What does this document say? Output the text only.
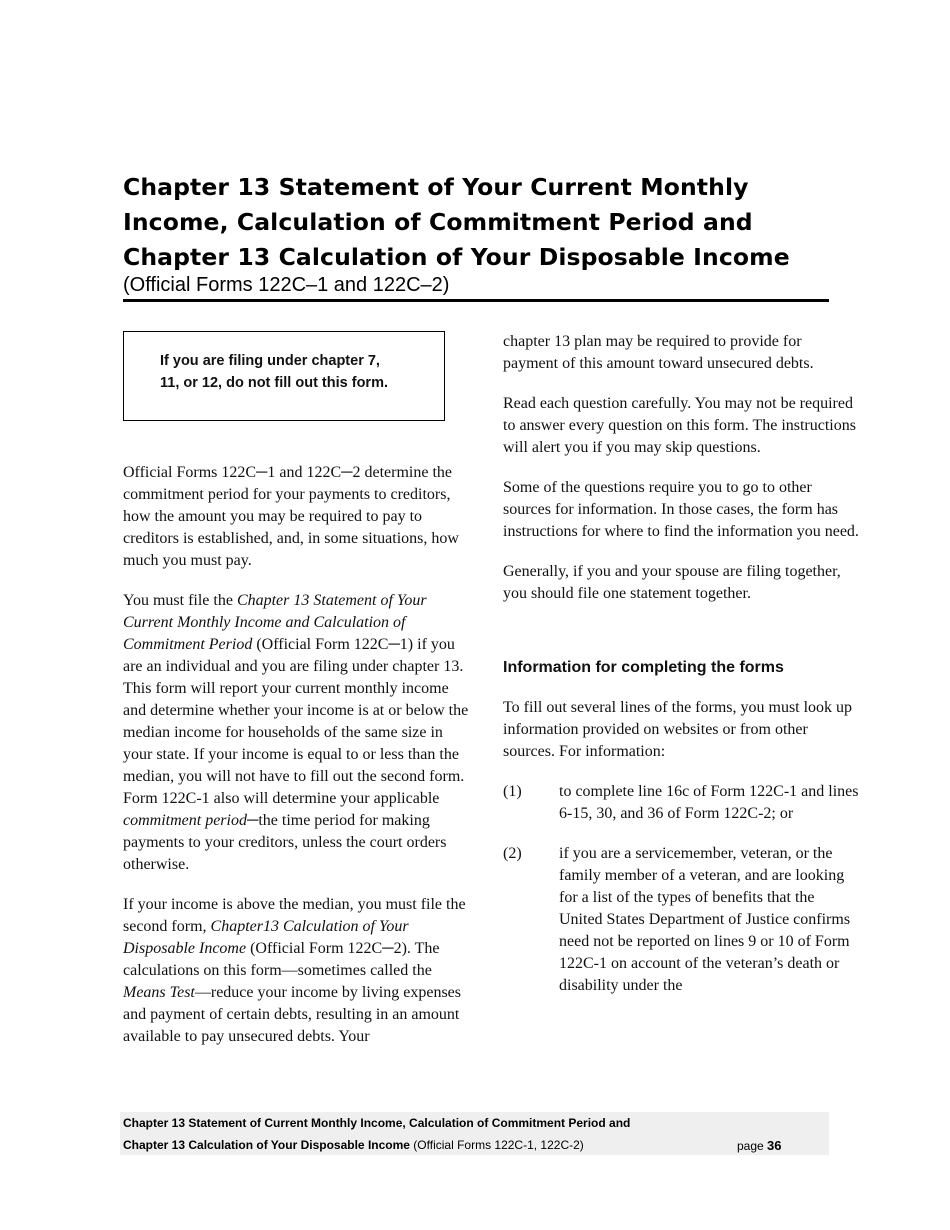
Chapter 13 Statement of Your Current Monthly
Income, Calculation of Commitment Period and
Chapter 13 Calculation of Your Disposable Income

(Official Forms 122C–1 and 122C–2)

If you are filing under chapter 7,
11, or 12, do not fill out this form.

Official Forms 122C─1 and 122C─2 determine the commitment period for your payments to creditors, how the amount you may be required to pay to creditors is established, and, in some situations, how much you must pay.

You must file the Chapter 13 Statement of Your Current Monthly Income and Calculation of Commitment Period (Official Form 122C─1) if you are an individual and you are filing under chapter 13. This form will report your current monthly income and determine whether your income is at or below the median income for households of the same size in your state. If your income is equal to or less than the median, you will not have to fill out the second form. Form 122C-1 also will determine your applicable commitment period─the time period for making payments to your creditors, unless the court orders otherwise.

If your income is above the median, you must file the second form, Chapter13 Calculation of Your Disposable Income (Official Form 122C─2). The calculations on this form—sometimes called the Means Test—reduce your income by living expenses and payment of certain debts, resulting in an amount available to pay unsecured debts. Your

chapter 13 plan may be required to provide for payment of this amount toward unsecured debts.

Read each question carefully. You may not be required to answer every question on this form. The instructions will alert you if you may skip questions.

Some of the questions require you to go to other sources for information. In those cases, the form has instructions for where to find the information you need.

Generally, if you and your spouse are filing together, you should file one statement together.

Information for completing the forms

To fill out several lines of the forms, you must look up information provided on websites or from other sources. For information:

(1) to complete line 16c of Form 122C-1 and lines 6-15, 30, and 36 of Form 122C-2; or
(2) if you are a servicemember, veteran, or the family member of a veteran, and are looking for a list of the types of benefits that the United States Department of Justice confirms need not be reported on lines 9 or 10 of Form 122C-1 on account of the veteran’s death or disability under the
Chapter 13 Statement of Current Monthly Income, Calculation of Commitment Period and
Chapter 13 Calculation of Your Disposable Income (Official Forms 122C-1, 122C-2)	page 36
